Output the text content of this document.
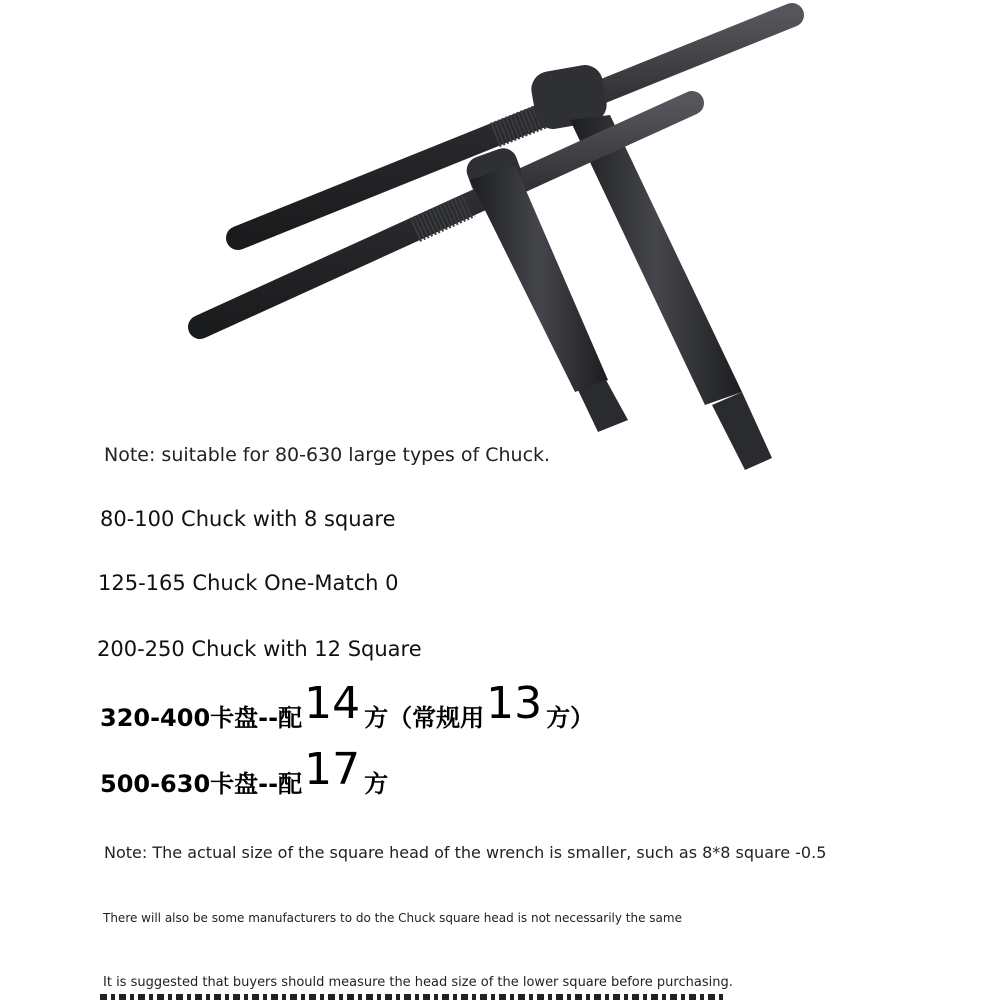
Note: suitable for 80-630 large types of Chuck.
80-100 Chuck with 8 square
125-165 Chuck One-Match 0
200-250 Chuck with 12 Square
320-400卡盘--配14 方（常规用13 方）
500-630卡盘--配17 方
Note: The actual size of the square head of the wrench is smaller, such as 8*8 square -0.5
There will also be some manufacturers to do the Chuck square head is not necessarily the same
It is suggested that buyers should measure the head size of the lower square before purchasing.
